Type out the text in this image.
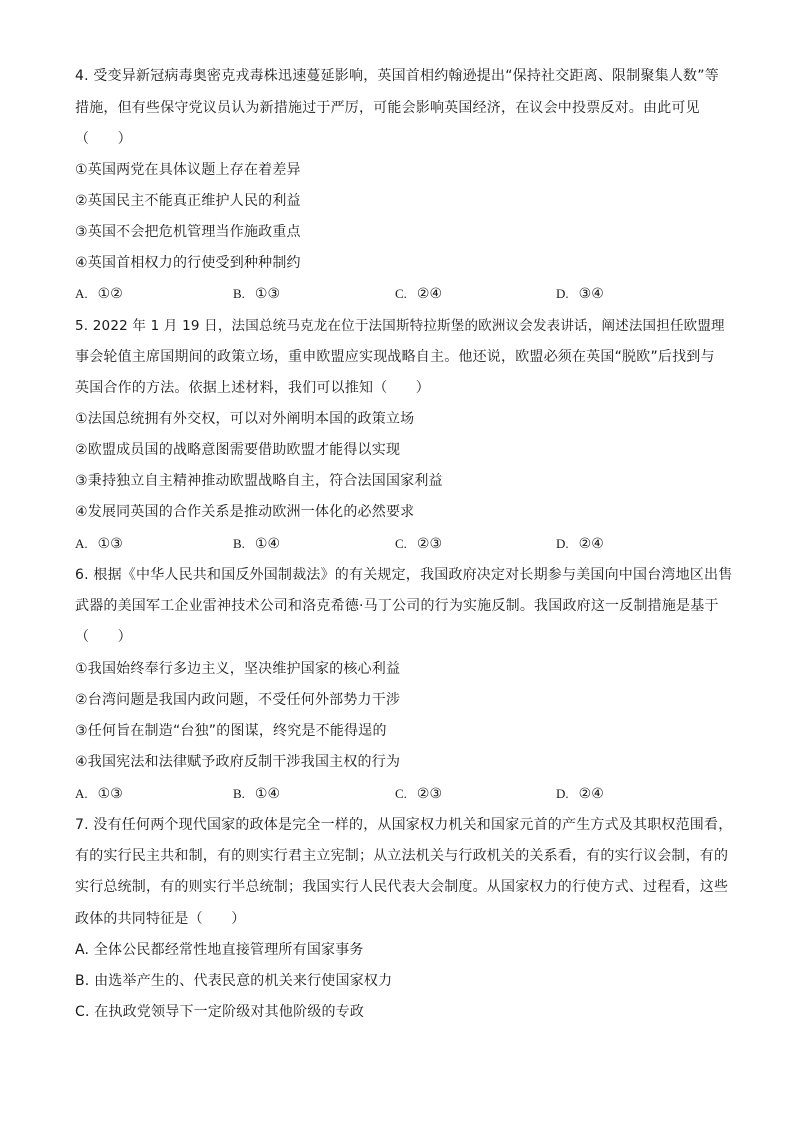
4. 受变异新冠病毒奥密克戎毒株迅速蔓延影响，英国首相约翰逊提出“保持社交距离、限制聚集人数”等
措施，但有些保守党议员认为新措施过于严厉，可能会影响英国经济，在议会中投票反对。由此可见
（　　）
①英国两党在具体议题上存在着差异
②英国民主不能真正维护人民的利益
③英国不会把危机管理当作施政重点
④英国首相权力的行使受到种种制约
A. ①②	B. ①③	C. ②④	D. ③④
5. 2022 年 1 月 19 日，法国总统马克龙在位于法国斯特拉斯堡的欧洲议会发表讲话，阐述法国担任欧盟理
事会轮值主席国期间的政策立场，重申欧盟应实现战略自主。他还说，欧盟必须在英国“脱欧”后找到与
英国合作的方法。依据上述材料，我们可以推知（　　）
①法国总统拥有外交权，可以对外阐明本国的政策立场
②欧盟成员国的战略意图需要借助欧盟才能得以实现
③秉持独立自主精神推动欧盟战略自主，符合法国国家利益
④发展同英国的合作关系是推动欧洲一体化的必然要求
A. ①③	B. ①④	C. ②③	D. ②④
6. 根据《中华人民共和国反外国制裁法》的有关规定，我国政府决定对长期参与美国向中国台湾地区出售
武器的美国军工企业雷神技术公司和洛克希德·马丁公司的行为实施反制。我国政府这一反制措施是基于
（　　）
①我国始终奉行多边主义，坚决维护国家的核心利益
②台湾问题是我国内政问题，不受任何外部势力干涉
③任何旨在制造“台独”的图谋，终究是不能得逞的
④我国宪法和法律赋予政府反制干涉我国主权的行为
A. ①③	B. ①④	C. ②③	D. ②④
7. 没有任何两个现代国家的政体是完全一样的，从国家权力机关和国家元首的产生方式及其职权范围看，
有的实行民主共和制，有的则实行君主立宪制；从立法机关与行政机关的关系看，有的实行议会制，有的
实行总统制，有的则实行半总统制；我国实行人民代表大会制度。从国家权力的行使方式、过程看，这些
政体的共同特征是（　　）
A. 全体公民都经常性地直接管理所有国家事务
B. 由选举产生的、代表民意的机关来行使国家权力
C. 在执政党领导下一定阶级对其他阶级的专政
